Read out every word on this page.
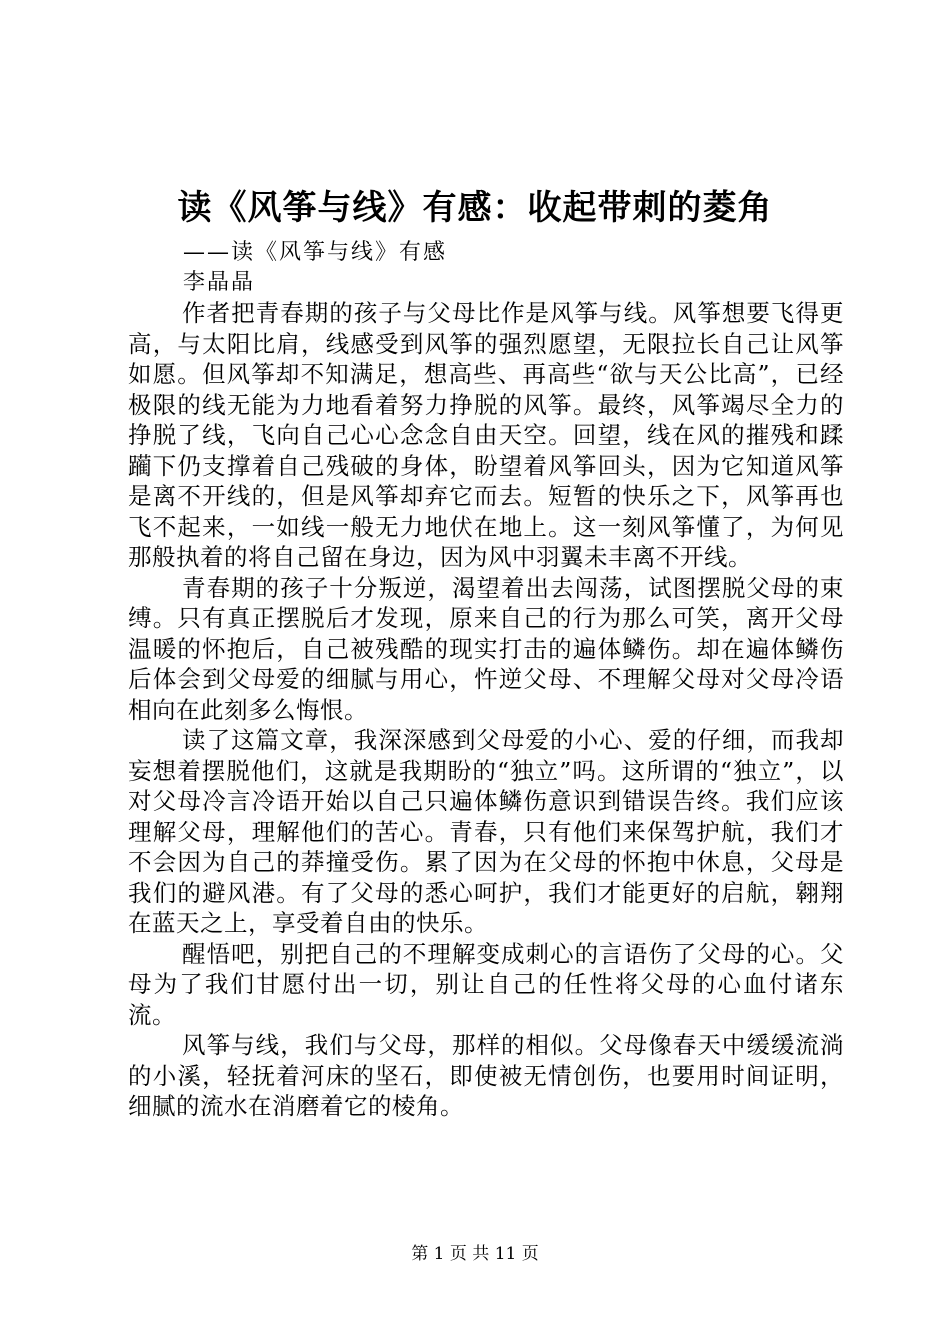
读《风筝与线》有感：收起带刺的菱角

——读《风筝与线》有感

李晶晶

作者把青春期的孩子与父母比作是风筝与线。风筝想要飞得更高，与太阳比肩，线感受到风筝的强烈愿望，无限拉长自己让风筝如愿。但风筝却不知满足，想高些、再高些“欲与天公比高”，已经极限的线无能为力地看着努力挣脱的风筝。最终，风筝竭尽全力的挣脱了线，飞向自己心心念念自由天空。回望，线在风的摧残和蹂躏下仍支撑着自己残破的身体，盼望着风筝回头，因为它知道风筝是离不开线的，但是风筝却弃它而去。短暂的快乐之下，风筝再也飞不起来，一如线一般无力地伏在地上。这一刻风筝懂了，为何见那般执着的将自己留在身边，因为风中羽翼未丰离不开线。

青春期的孩子十分叛逆，渴望着出去闯荡，试图摆脱父母的束缚。只有真正摆脱后才发现，原来自己的行为那么可笑，离开父母温暖的怀抱后，自己被残酷的现实打击的遍体鳞伤。却在遍体鳞伤后体会到父母爱的细腻与用心，忤逆父母、不理解父母对父母冷语相向在此刻多么悔恨。

读了这篇文章，我深深感到父母爱的小心、爱的仔细，而我却妄想着摆脱他们，这就是我期盼的“独立”吗。这所谓的“独立”，以对父母冷言冷语开始以自己只遍体鳞伤意识到错误告终。我们应该理解父母，理解他们的苦心。青春，只有他们来保驾护航，我们才不会因为自己的莽撞受伤。累了因为在父母的怀抱中休息，父母是我们的避风港。有了父母的悉心呵护，我们才能更好的启航，翱翔在蓝天之上，享受着自由的快乐。

醒悟吧，别把自己的不理解变成刺心的言语伤了父母的心。父母为了我们甘愿付出一切，别让自己的任性将父母的心血付诸东流。

风筝与线，我们与父母，那样的相似。父母像春天中缓缓流淌的小溪，轻抚着河床的坚石，即使被无情创伤，也要用时间证明，细腻的流水在消磨着它的棱角。

第 1 页 共 11 页
